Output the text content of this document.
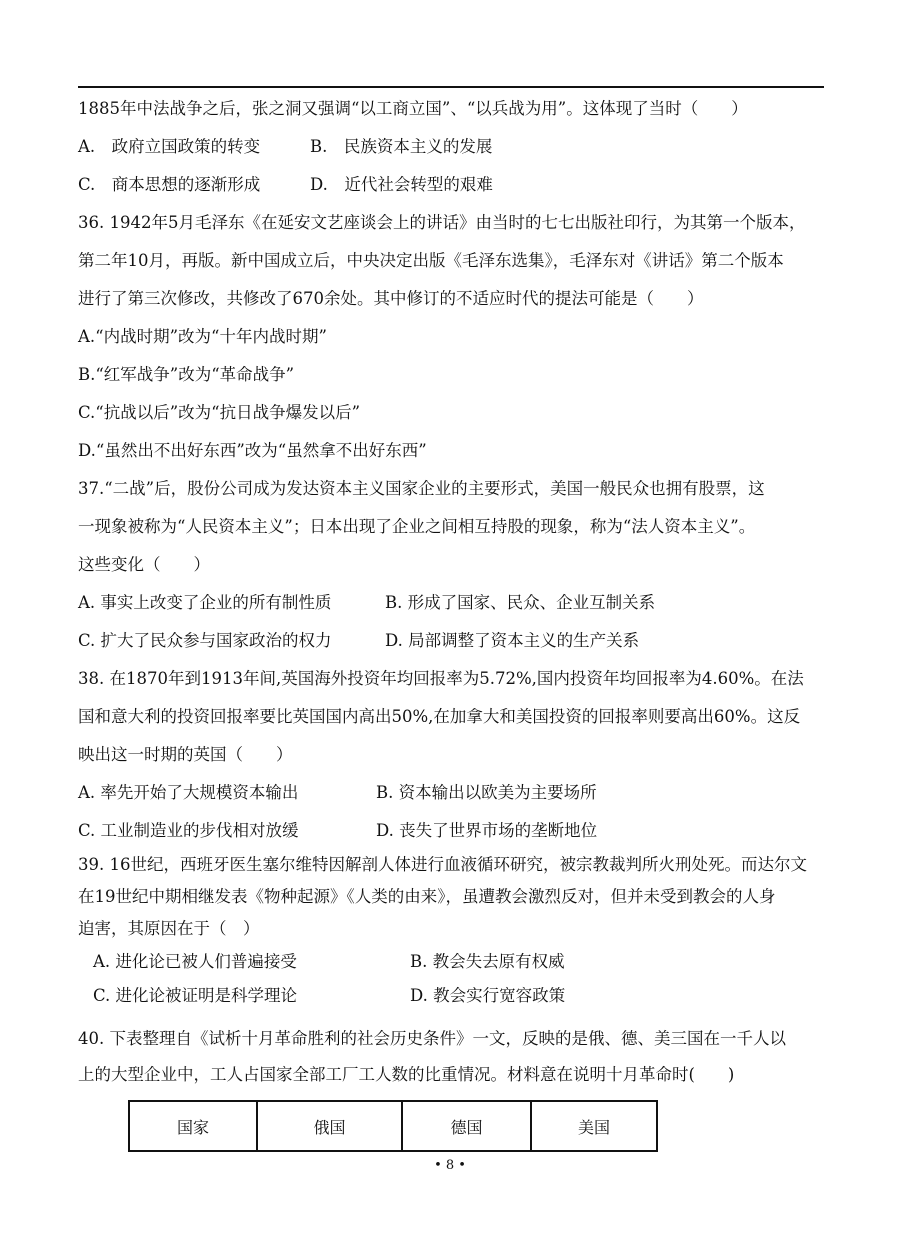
1885年中法战争之后，张之洞又强调“以工商立国”、“以兵战为用”。这体现了当时（　　）
A.　政府立国政策的转变	B.　民族资本主义的发展
C.　商本思想的逐渐形成	D.　近代社会转型的艰难
36. 1942年5月毛泽东《在延安文艺座谈会上的讲话》由当时的七七出版社印行，为其第一个版本，
第二年10月，再版。新中国成立后，中央决定出版《毛泽东选集》，毛泽东对《讲话》第二个版本
进行了第三次修改，共修改了670余处。其中修订的不适应时代的提法可能是（　　）
A.“内战时期”改为“十年内战时期”
B.“红军战争”改为“革命战争”
C.“抗战以后”改为“抗日战争爆发以后”
D.“虽然出不出好东西”改为“虽然拿不出好东西”
37.“二战”后，股份公司成为发达资本主义国家企业的主要形式，美国一般民众也拥有股票，这
一现象被称为“人民资本主义”；日本出现了企业之间相互持股的现象，称为“法人资本主义”。
这些变化（　　）
A. 事实上改变了企业的所有制性质	B. 形成了国家、民众、企业互制关系
C. 扩大了民众参与国家政治的权力	D. 局部调整了资本主义的生产关系
38. 在1870年到1913年间,英国海外投资年均回报率为5.72%,国内投资年均回报率为4.60%。在法
国和意大利的投资回报率要比英国国内高出50%,在加拿大和美国投资的回报率则要高出60%。这反
映出这一时期的英国（　　）
A. 率先开始了大规模资本输出	B. 资本输出以欧美为主要场所
C. 工业制造业的步伐相对放缓	D. 丧失了世界市场的垄断地位
39. 16世纪，西班牙医生塞尔维特因解剖人体进行血液循环研究，被宗教裁判所火刑处死。而达尔文
在19世纪中期相继发表《物种起源》《人类的由来》，虽遭教会激烈反对，但并未受到教会的人身
迫害，其原因在于（　）
A. 进化论已被人们普遍接受	B. 教会失去原有权威
C. 进化论被证明是科学理论	D. 教会实行宽容政策
40. 下表整理自《试析十月革命胜利的社会历史条件》一文，反映的是俄、德、美三国在一千人以
上的大型企业中，工人占国家全部工厂工人数的比重情况。材料意在说明十月革命时(　　)
国家	俄国	德国	美国
• 8 •
